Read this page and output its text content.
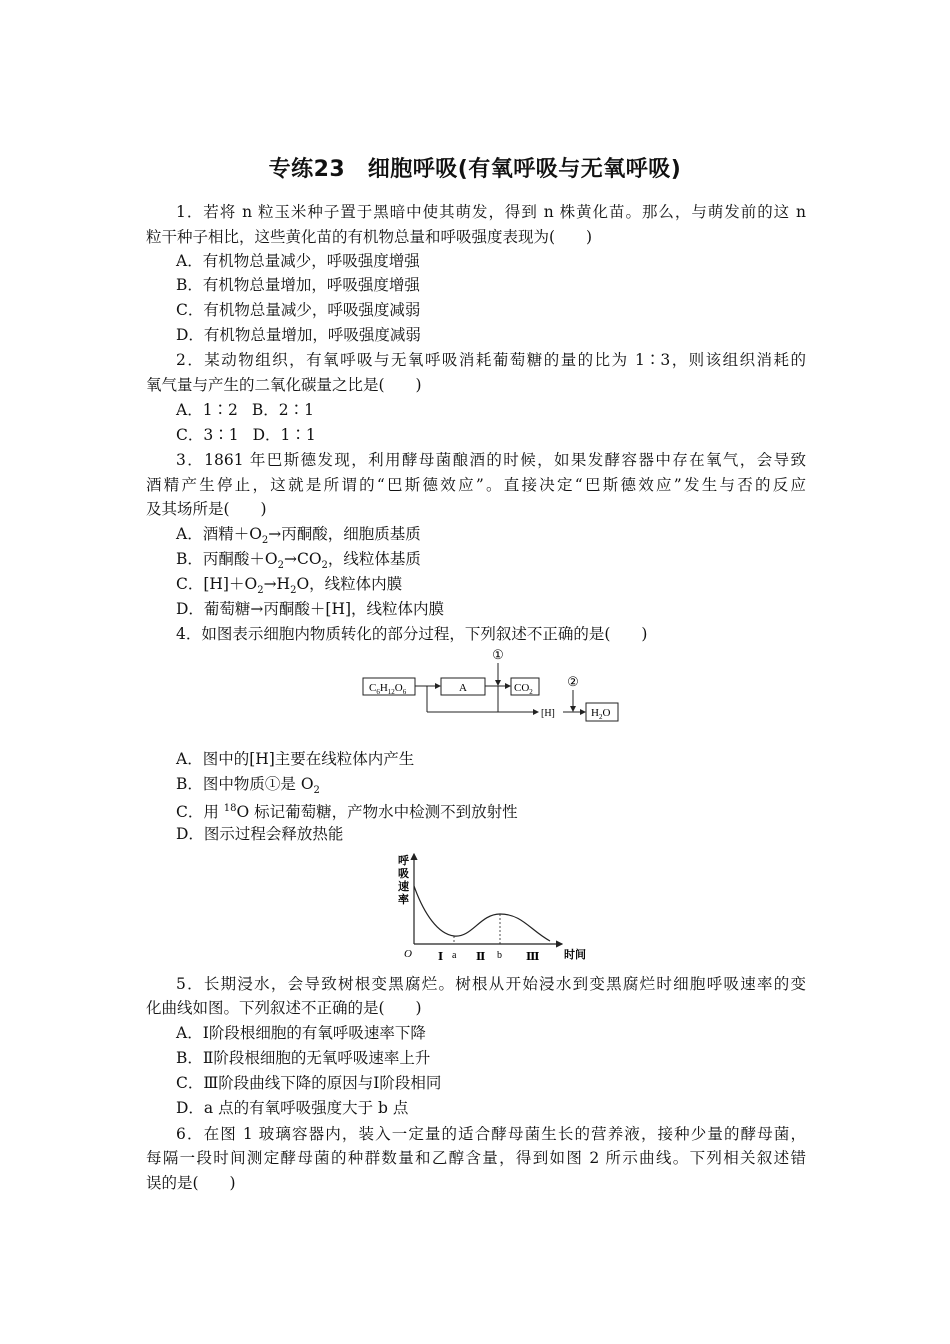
专练23　细胞呼吸(有氧呼吸与无氧呼吸)
1．若将 n 粒玉米种子置于黑暗中使其萌发，得到 n 株黄化苗。那么，与萌发前的这 n
粒干种子相比，这些黄化苗的有机物总量和呼吸强度表现为(　　)
A．有机物总量减少，呼吸强度增强
B．有机物总量增加，呼吸强度增强
C．有机物总量减少，呼吸强度减弱
D．有机物总量增加，呼吸强度减弱
2．某动物组织，有氧呼吸与无氧呼吸消耗葡萄糖的量的比为 1∶3，则该组织消耗的
氧气量与产生的二氧化碳量之比是(　　)
A．1∶2 B．2∶1
C．3∶1 D．1∶1
3．1861 年巴斯德发现，利用酵母菌酿酒的时候，如果发酵容器中存在氧气，会导致
酒精产生停止，这就是所谓的“巴斯德效应”。直接决定“巴斯德效应”发生与否的反应
及其场所是(　　)
A．酒精$+O_2\to$丙酮酸，细胞质基质
B．丙酮酸$+O_2\to CO_2$，线粒体基质
C．$[H]+O_2\to H_2O$，线粒体内膜
D．葡萄糖→丙酮酸＋[H]，线粒体内膜
4．如图表示细胞内物质转化的部分过程，下列叙述不正确的是(　　)
$C_6H_{12}O_6$	A	$CO_2$
①
[H]
②
$H_2O$
A．图中的[H]主要在线粒体内产生
B．图中物质①是 $O_2$
C．用 $^{18}$O 标记葡萄糖，产物水中检测不到放射性
D．图示过程会释放热能
呼
吸
速
率
O	时间
Ⅰ a Ⅱ b Ⅲ
5．长期浸水，会导致树根变黑腐烂。树根从开始浸水到变黑腐烂时细胞呼吸速率的变
化曲线如图。下列叙述不正确的是(　　)
A．Ⅰ阶段根细胞的有氧呼吸速率下降
B．Ⅱ阶段根细胞的无氧呼吸速率上升
C．Ⅲ阶段曲线下降的原因与Ⅰ阶段相同
D．a 点的有氧呼吸强度大于 b 点
6．在图 1 玻璃容器内，装入一定量的适合酵母菌生长的营养液，接种少量的酵母菌，
每隔一段时间测定酵母菌的种群数量和乙醇含量，得到如图 2 所示曲线。下列相关叙述错
误的是(　　)
